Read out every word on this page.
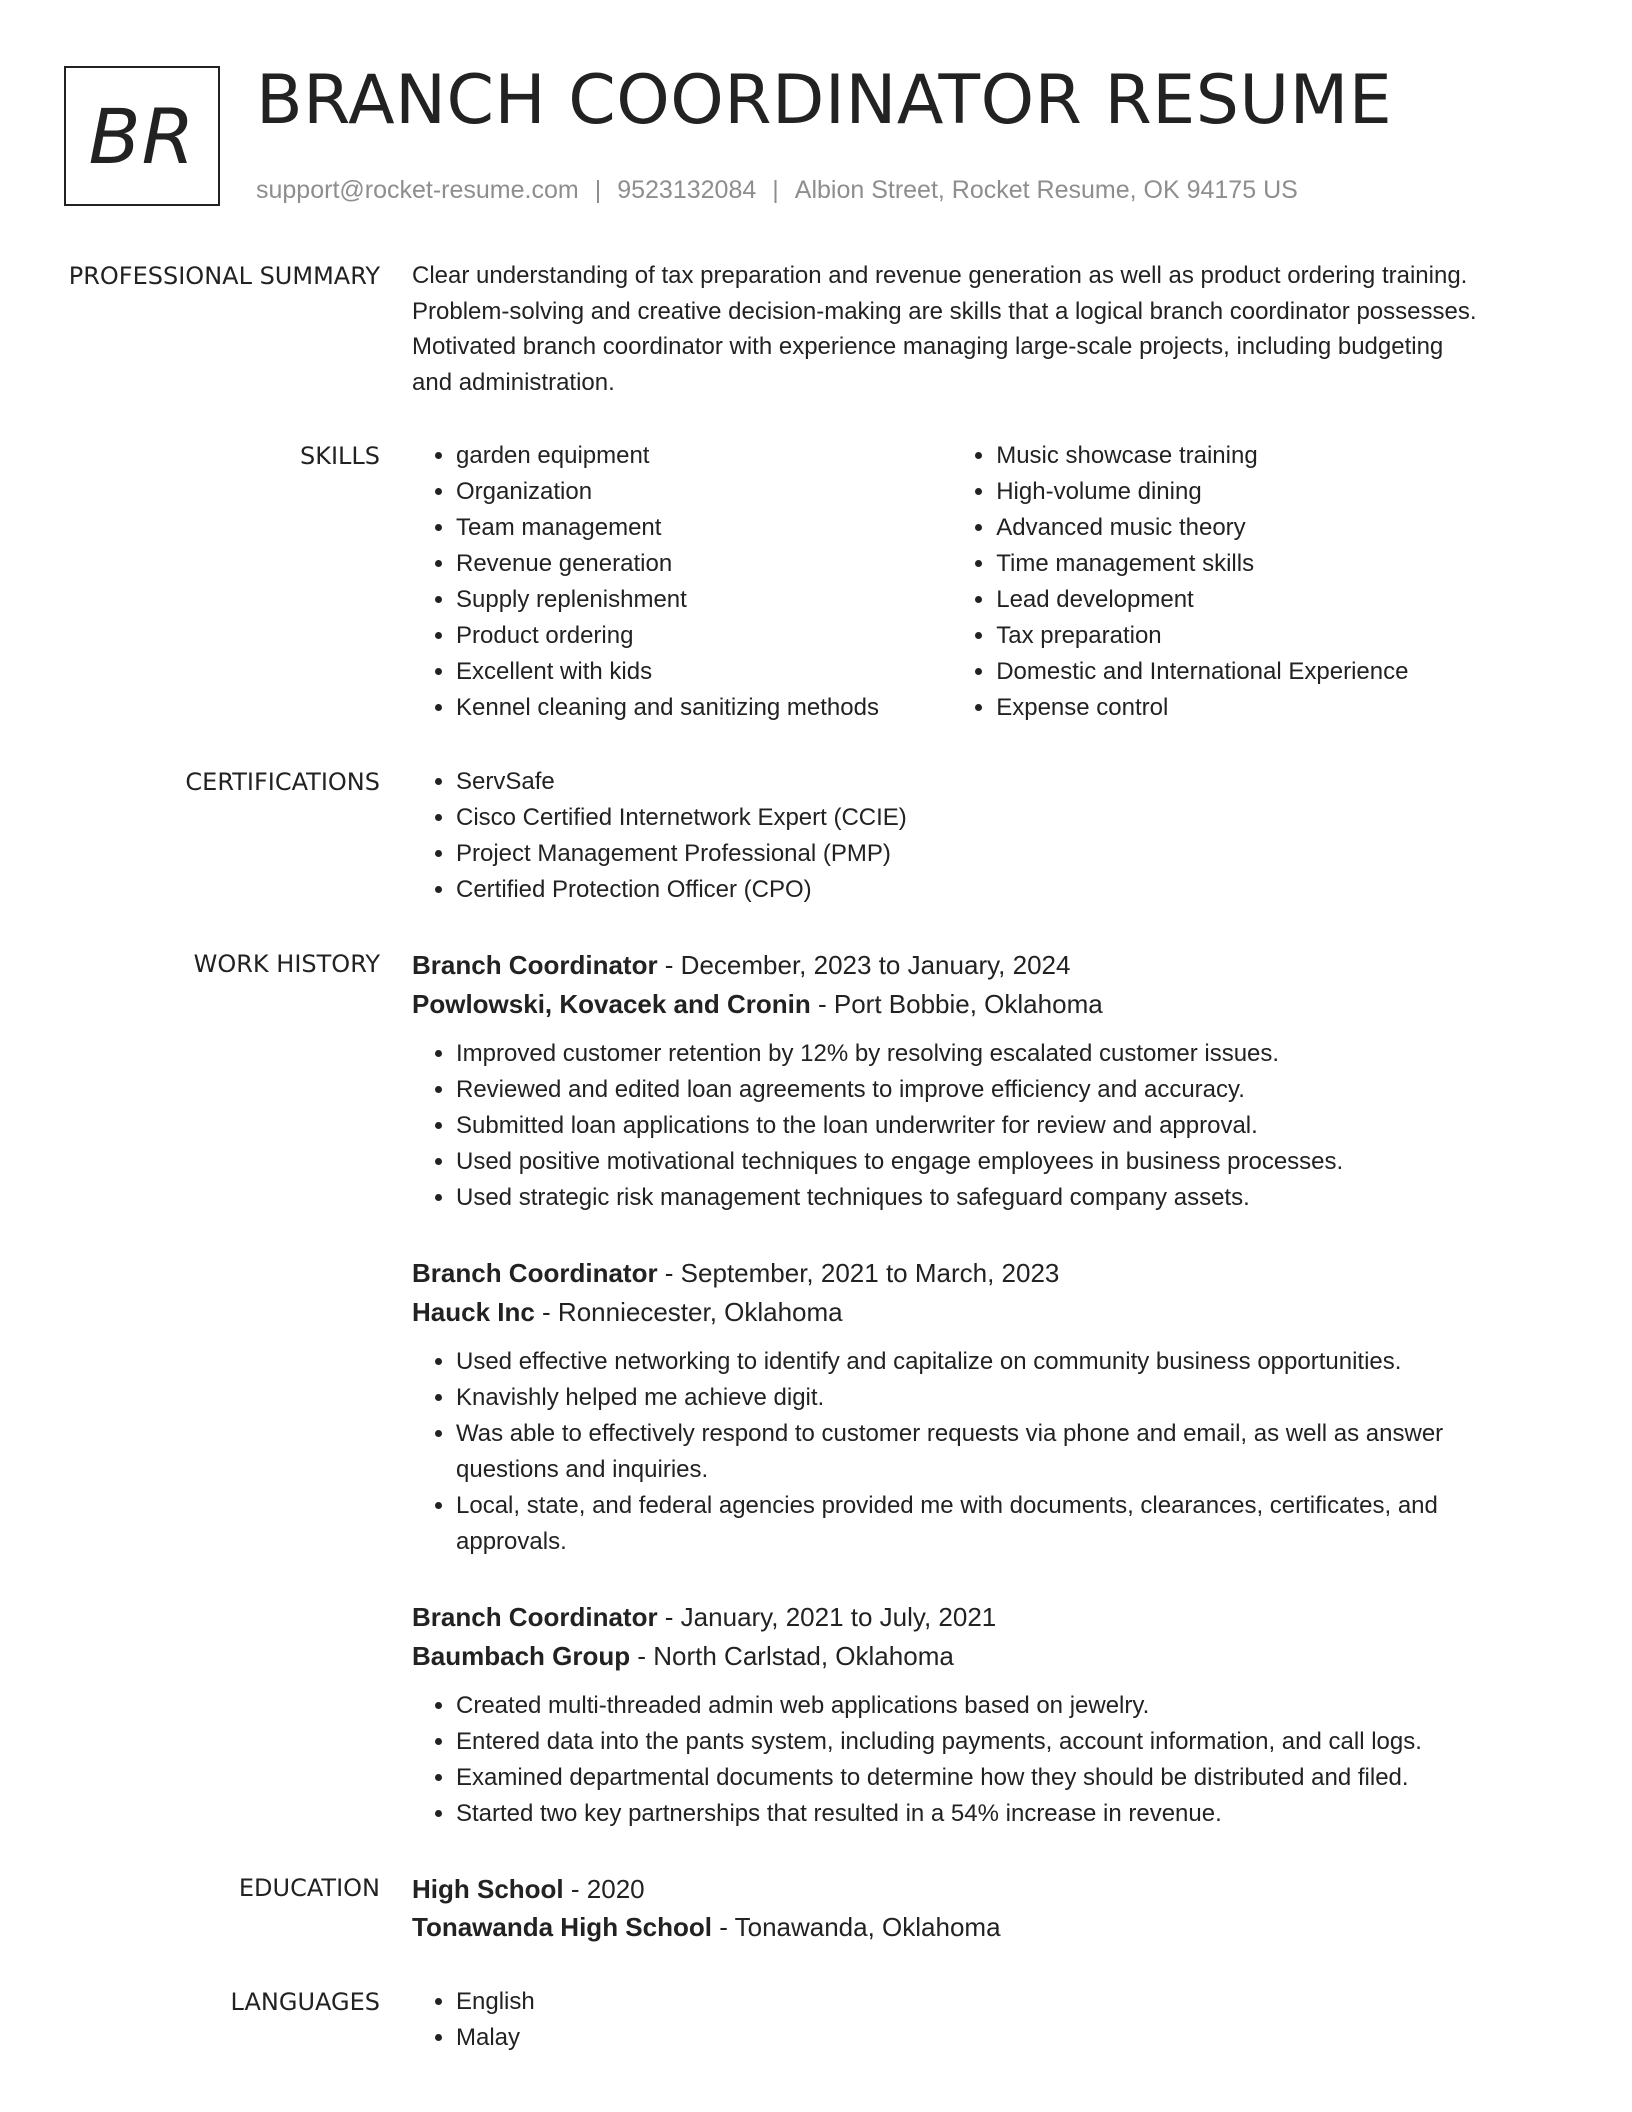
BR BRANCH COORDINATOR RESUME
support@rocket-resume.com | 9523132084 | Albion Street, Rocket Resume, OK 94175 US
PROFESSIONAL SUMMARY	Clear understanding of tax preparation and revenue generation as well as product ordering training.

Problem-solving and creative decision-making are skills that a logical branch coordinator possesses.

Motivated branch coordinator with experience managing large-scale projects, including budgeting

and administration.

SKILLS	• garden equipment
• Organization
• Team management
• Revenue generation
• Supply replenishment
• Product ordering
• Excellent with kids
• Kennel cleaning and sanitizing methods
• Music showcase training
• High-volume dining
• Advanced music theory
• Time management skills
• Lead development
• Tax preparation
• Domestic and International Experience
• Expense control
CERTIFICATIONS	• ServSafe
• Cisco Certified Internetwork Expert (CCIE)
• Project Management Professional (PMP)
• Certified Protection Officer (CPO)
WORK HISTORY	Branch Coordinator - December, 2023 to January, 2024
Powlowski, Kovacek and Cronin - Port Bobbie, Oklahoma
• Improved customer retention by 12% by resolving escalated customer issues.
• Reviewed and edited loan agreements to improve efficiency and accuracy.
• Submitted loan applications to the loan underwriter for review and approval.
• Used positive motivational techniques to engage employees in business processes.
• Used strategic risk management techniques to safeguard company assets.
Branch Coordinator - September, 2021 to March, 2023
Hauck Inc - Ronniecester, Oklahoma
• Used effective networking to identify and capitalize on community business opportunities.
• Knavishly helped me achieve digit.
• Was able to effectively respond to customer requests via phone and email, as well as answer questions and inquiries.
• Local, state, and federal agencies provided me with documents, clearances, certificates, and approvals.
Branch Coordinator - January, 2021 to July, 2021
Baumbach Group - North Carlstad, Oklahoma
• Created multi-threaded admin web applications based on jewelry.
• Entered data into the pants system, including payments, account information, and call logs.
• Examined departmental documents to determine how they should be distributed and filed.
• Started two key partnerships that resulted in a 54% increase in revenue.
EDUCATION	High School - 2020
Tonawanda High School - Tonawanda, Oklahoma
LANGUAGES	• English
• Malay
